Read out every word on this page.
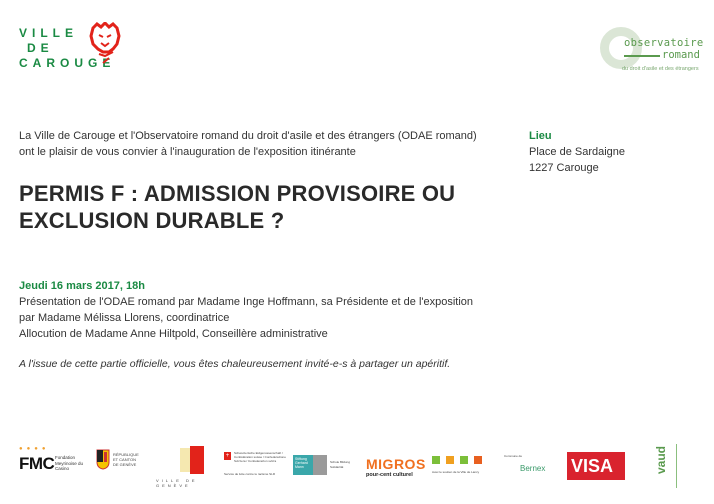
VILLE
DE
CAROUGE
observatoire
romand
du droit d'asile et des étrangers
La Ville de Carouge et l'Observatoire romand du droit d'asile et des étrangers (ODAE romand)
ont le plaisir de vous convier à l'inauguration de l'exposition itinérante
PERMIS F : ADMISSION PROVISOIRE OU
EXCLUSION DURABLE ?
Lieu
Place de Sardaigne
1227 Carouge
Jeudi 16 mars 2017, 18h
Présentation de l'ODAE romand par Madame Inge Hoffmann, sa Présidente et de l'exposition
par Madame Mélissa Llorens, coordinatrice
Allocution de Madame Anne Hiltpold, Conseillère administrative
A l'issue de cette partie officielle, vous êtes chaleureusement invité-e-s à partager un apéritif.
●●●●
FMC Fondation Meyrinoise du Casino
RÉPUBLIQUE ET CANTON DE GENÈVE
VILLE DE GENÈVE
+	Schweizerische Eidgenossenschaft / Confédération suisse / Confederazione Svizzera / Confederaziun svizra
Service de lutte contre le racisme SLR
Stiftung Gerhard Mann
Schule Bildung Solidarität	MIGROS
pour-cent culturel	Avec le soutien de la Ville de Lancy
Commune de
Bernex VISA	vaud
